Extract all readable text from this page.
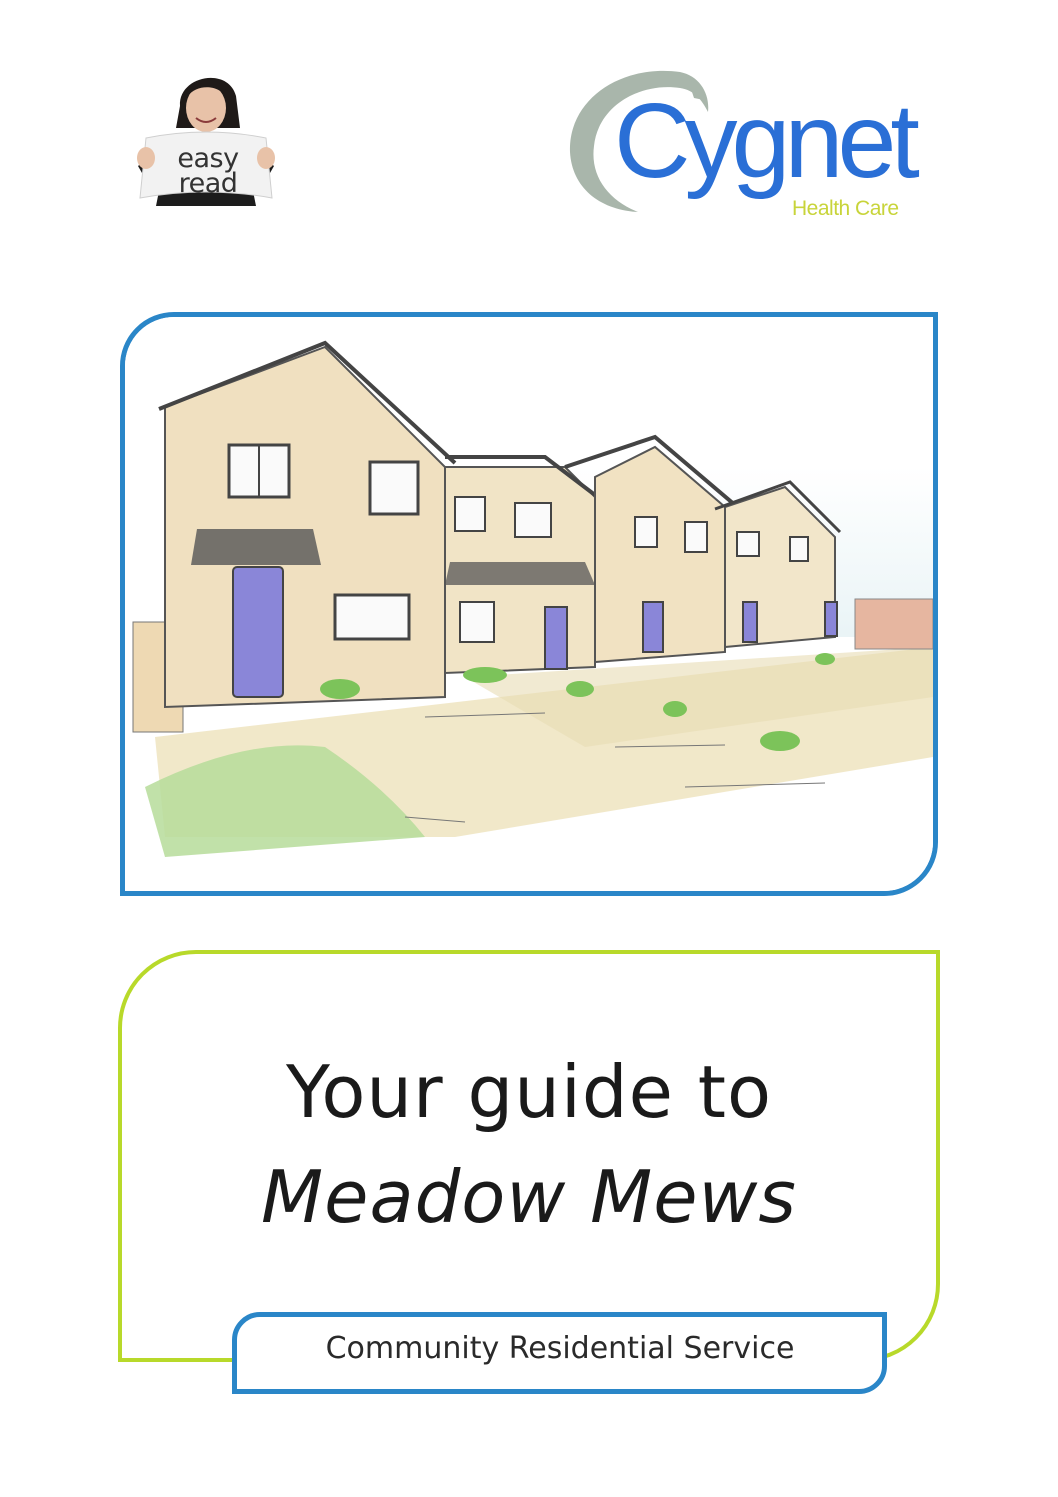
easy
read	Cygnet
Health Care
Your guide to
Meadow Mews
Community Residential Service
